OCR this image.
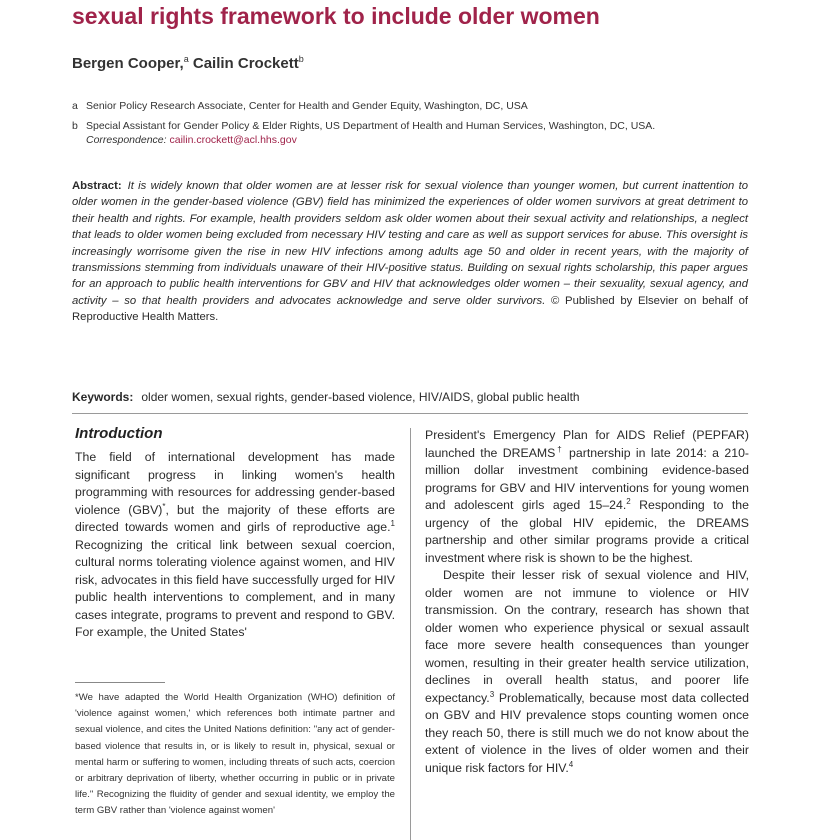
sexual rights framework to include older women
Bergen Cooper,$^a$ Cailin Crockett$^b$
a Senior Policy Research Associate, Center for Health and Gender Equity, Washington, DC, USA
b Special Assistant for Gender Policy & Elder Rights, US Department of Health and Human Services, Washington, DC, USA.
Correspondence: cailin.crockett@acl.hhs.gov
Abstract: It is widely known that older women are at lesser risk for sexual violence than younger women, but current inattention to older women in the gender-based violence (GBV) field has minimized the experiences of older women survivors at great detriment to their health and rights. For example, health providers seldom ask older women about their sexual activity and relationships, a neglect that leads to older women being excluded from necessary HIV testing and care as well as support services for abuse. This oversight is increasingly worrisome given the rise in new HIV infections among adults age 50 and older in recent years, with the majority of transmissions stemming from individuals unaware of their HIV-positive status. Building on sexual rights scholarship, this paper argues for an approach to public health interventions for GBV and HIV that acknowledges older women – their sexuality, sexual agency, and activity – so that health providers and advocates acknowledge and serve older survivors. © Published by Elsevier on behalf of Reproductive Health Matters.
Keywords: older women, sexual rights, gender-based violence, HIV/AIDS, global public health
Introduction

The field of international development has made significant progress in linking women's health programming with resources for addressing gender-based violence (GBV)*, but the majority of these efforts are directed towards women and girls of reproductive age.$^1$ Recognizing the critical link between sexual coercion, cultural norms tolerating violence against women, and HIV risk, advocates in this field have successfully urged for HIV public health interventions to complement, and in many cases integrate, programs to prevent and respond to GBV. For example, the United States'

President's Emergency Plan for AIDS Relief (PEPFAR) launched the DREAMS† partnership in late 2014: a 210-million dollar investment combining evidence-based programs for GBV and HIV interventions for young women and adolescent girls aged 15–24.$^2$ Responding to the urgency of the global HIV epidemic, the DREAMS partnership and other similar programs provide a critical investment where risk is shown to be the highest.

Despite their lesser risk of sexual violence and HIV, older women are not immune to violence or HIV transmission. On the contrary, research has shown that older women who experience physical or sexual assault face more severe health consequences than younger women, resulting in their greater health service utilization, declines in overall health status, and poorer life expectancy.$^3$ Problematically, because most data collected on GBV and HIV prevalence stops counting women once they reach 50, there is still much we do not know about the extent of violence in the lives of older women and their unique risk factors for HIV.$^4$

*We have adapted the World Health Organization (WHO) definition of 'violence against women,' which references both intimate partner and sexual violence, and cites the United Nations definition: "any act of gender-based violence that results in, or is likely to result in, physical, sexual or mental harm or suffering to women, including threats of such acts, coercion or arbitrary deprivation of liberty, whether occurring in public or in private life." Recognizing the fluidity of gender and sexual identity, we employ the term GBV rather than 'violence against women'
